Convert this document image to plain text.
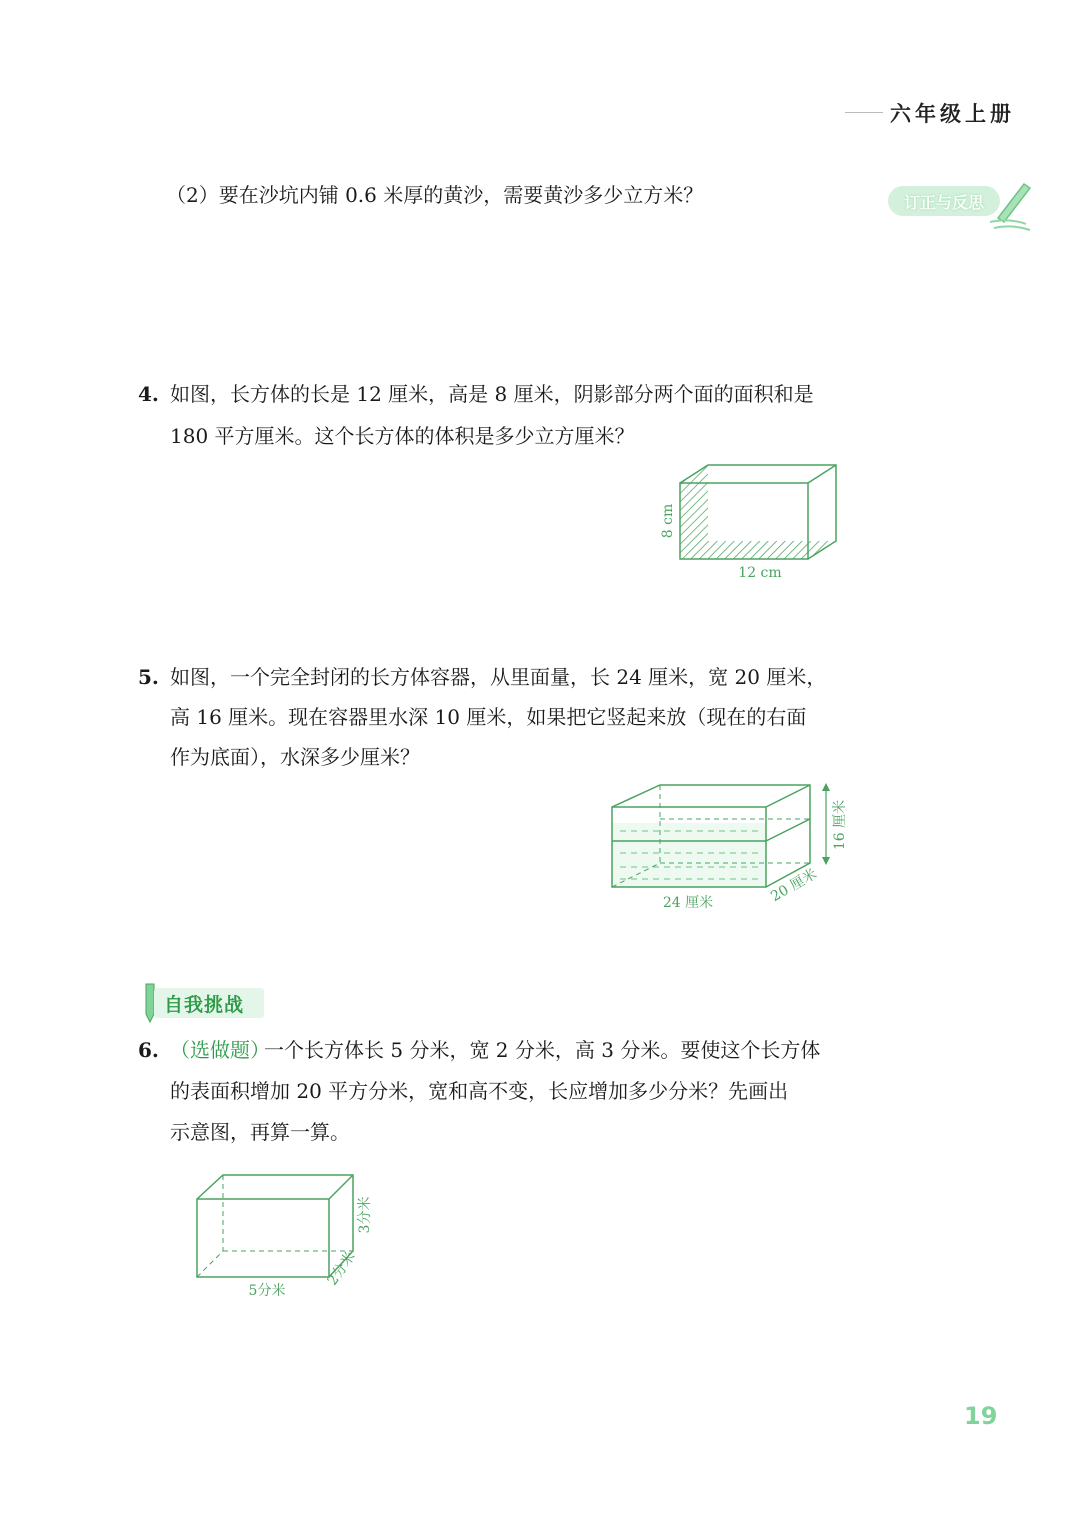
六年级上册
订正与反思
（2）要在沙坑内铺 0.6 米厚的黄沙，需要黄沙多少立方米？
4. 如图，长方体的长是 12 厘米，高是 8 厘米，阴影部分两个面的面积和是
180 平方厘米。这个长方体的体积是多少立方厘米？
8 cm
12 cm
5. 如图，一个完全封闭的长方体容器，从里面量，长 24 厘米，宽 20 厘米，
高 16 厘米。现在容器里水深 10 厘米，如果把它竖起来放（现在的右面
作为底面），水深多少厘米？
16 厘米
24 厘米	20 厘米
自我挑战
6. （选做题）
一个长方体长 5 分米，宽 2 分米，高 3 分米。要使这个长方体
的表面积增加 20 平方分米，宽和高不变，长应增加多少分米？先画出
示意图，再算一算。
3分米
2分米
5分米
19
